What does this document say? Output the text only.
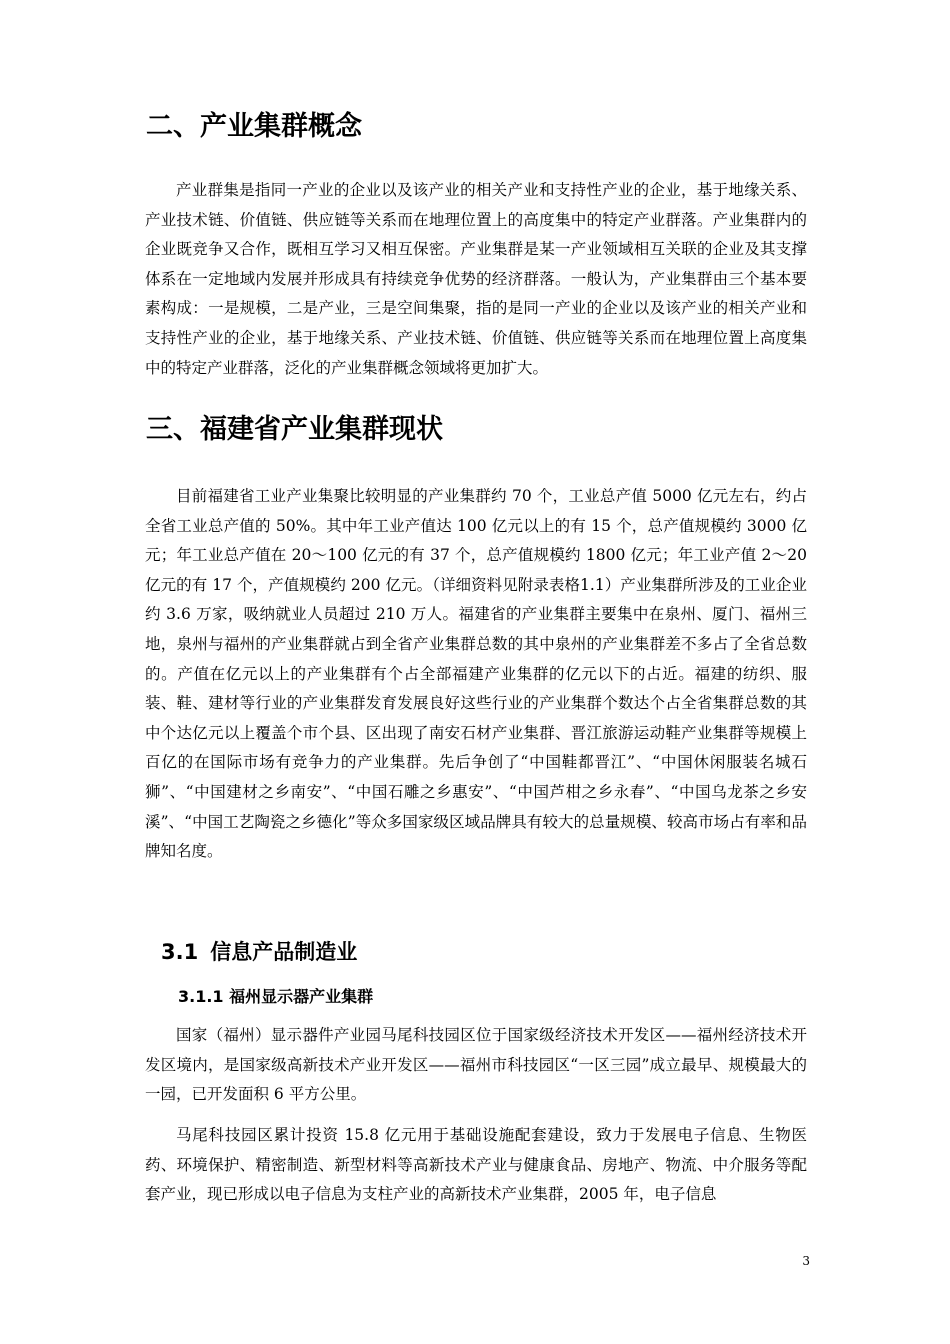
二、产业集群概念

产业群集是指同一产业的企业以及该产业的相关产业和支持性产业的企业，基于地缘关系、产业技术链、价值链、供应链等关系而在地理位置上的高度集中的特定产业群落。产业集群内的企业既竞争又合作，既相互学习又相互保密。产业集群是某一产业领域相互关联的企业及其支撑体系在一定地域内发展并形成具有持续竞争优势的经济群落。一般认为，产业集群由三个基本要素构成：一是规模，二是产业，三是空间集聚，指的是同一产业的企业以及该产业的相关产业和支持性产业的企业，基于地缘关系、产业技术链、价值链、供应链等关系而在地理位置上高度集中的特定产业群落，泛化的产业集群概念领域将更加扩大。

三、福建省产业集群现状

目前福建省工业产业集聚比较明显的产业集群约 70 个，工业总产值 5000 亿元左右，约占全省工业总产值的 50%。其中年工业产值达 100 亿元以上的有 15 个，总产值规模约 3000 亿元；年工业总产值在 20～100 亿元的有 37 个，总产值规模约 1800 亿元；年工业产值 2～20 亿元的有 17 个，产值规模约 200 亿元。（详细资料见附录表格1.1）产业集群所涉及的工业企业约 3.6 万家，吸纳就业人员超过 210 万人。福建省的产业集群主要集中在泉州、厦门、福州三地，泉州与福州的产业集群就占到全省产业集群总数的其中泉州的产业集群差不多占了全省总数的。产值在亿元以上的产业集群有个占全部福建产业集群的亿元以下的占近。福建的纺织、服装、鞋、建材等行业的产业集群发育发展良好这些行业的产业集群个数达个占全省集群总数的其中个达亿元以上覆盖个市个县、区出现了南安石材产业集群、晋江旅游运动鞋产业集群等规模上百亿的在国际市场有竞争力的产业集群。先后争创了“中国鞋都晋江”、“中国休闲服装名城石狮”、“中国建材之乡南安”、“中国石雕之乡惠安”、“中国芦柑之乡永春”、“中国乌龙茶之乡安溪”、“中国工艺陶瓷之乡德化”等众多国家级区域品牌具有较大的总量规模、较高市场占有率和品牌知名度。

3.1 信息产品制造业
3.1.1 福州显示器产业集群

国家（福州）显示器件产业园马尾科技园区位于国家级经济技术开发区——福州经济技术开发区境内，是国家级高新技术产业开发区——福州市科技园区“一区三园”成立最早、规模最大的一园，已开发面积 6 平方公里。

马尾科技园区累计投资 15.8 亿元用于基础设施配套建设，致力于发展电子信息、生物医药、环境保护、精密制造、新型材料等高新技术产业与健康食品、房地产、物流、中介服务等配套产业，现已形成以电子信息为支柱产业的高新技术产业集群，2005 年，电子信息

3
